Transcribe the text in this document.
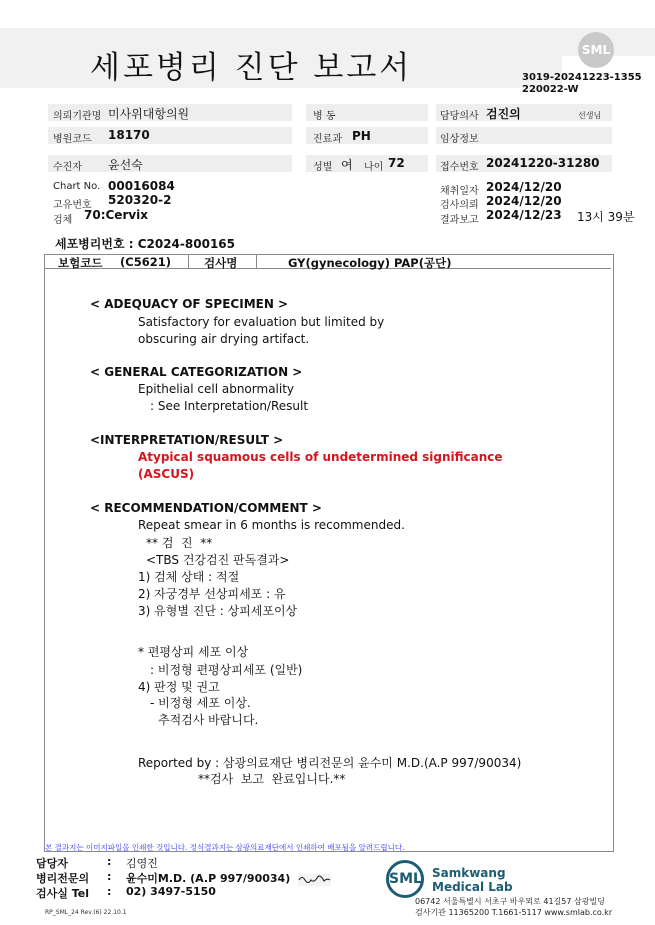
세포병리 진단 보고서	SML
3019-20241223-1355
220022-W
의뢰기관명 미사위대항의원	병 동	담당의사 검진의	선생님
병원코드 18170	진료과 PH	임상정보
수진자 윤선숙	성별 여 나이 72	접수번호 20241220-31280
Chart No. 00016084
고유번호 520320-2
검체 70:Cervix
채취일자 2024/12/20
검사의뢰 2024/12/20
결과보고 2024/12/23 13시 39분
세포병리번호 : C2024-800165
보험코드 (C5621)	검사명	GY(gynecology) PAP(공단)
< ADEQUACY OF SPECIMEN >
Satisfactory for evaluation but limited by
obscuring air drying artifact.
< GENERAL CATEGORIZATION >
Epithelial cell abnormality
: See Interpretation/Result
<INTERPRETATION/RESULT >
Atypical squamous cells of undetermined significance
(ASCUS)
< RECOMMENDATION/COMMENT >
Repeat smear in 6 months is recommended.
** 검  진  **
<TBS 건강검진 판독결과>
1) 검체 상태 : 적절
2) 자궁경부 선상피세포 : 유
3) 유형별 진단 : 상피세포이상
* 편평상피 세포 이상
: 비정형 편평상피세포 (일반)
4) 판정 및 권고
- 비정형 세포 이상.
추적검사 바랍니다.
Reported by : 삼광의료재단 병리전문의 윤수미 M.D.(A.P 997/90034)
**검사  보고  완료입니다.**
본 결과지는 이미지파일을 인쇄한 것입니다. 정식결과지는 삼광의료재단에서 인쇄하여 배포됨을 알려드립니다.
담당자	: 김영진
병리전문의 : 윤수미M.D. (A.P 997/90034)
검사실 Tel : 02) 3497-5150
RP_SML_24 Rev.(6) 22.10.1
SML Samkwang
Medical Lab
06742 서울특별시 서초구 바우뫼로 41길57 삼광빌딩
검사기관 11365200 T.1661-5117 www.smlab.co.kr
